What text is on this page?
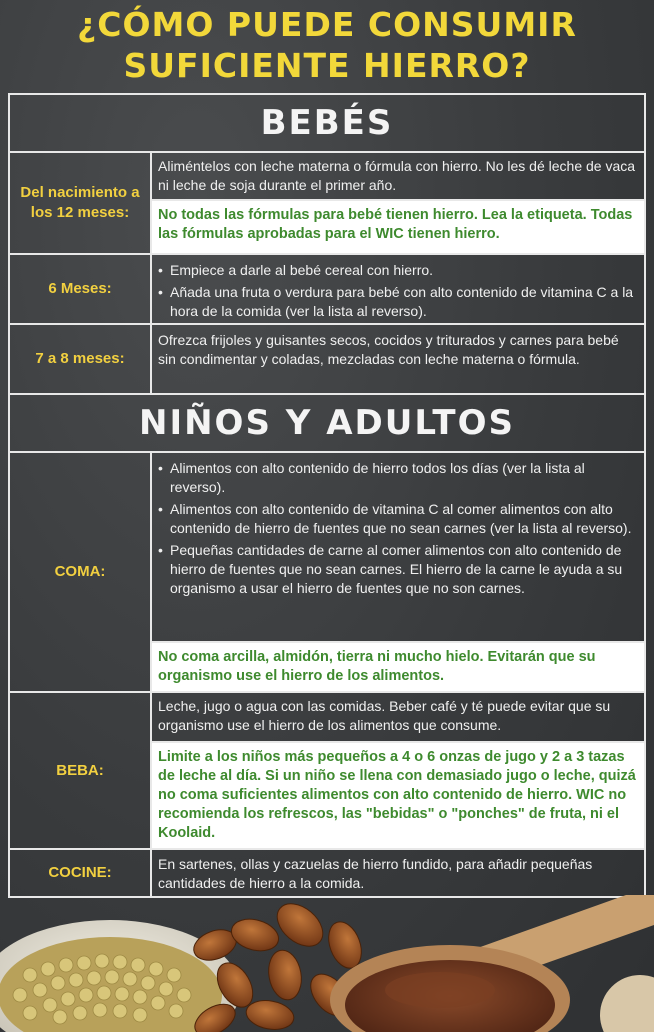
¿CÓMO PUEDE CONSUMIR
SUFICIENTE HIERRO?
BEBÉS
Del nacimiento a los 12 meses:
Aliméntelos con leche materna o fórmula con hierro. No les dé leche de vaca ni leche de soja durante el primer año.
No todas las fórmulas para bebé tienen hierro. Lea la etiqueta. Todas las fórmulas aprobadas para el WIC tienen hierro.
6 Meses:
• Empiece a darle al bebé cereal con hierro.
• Añada una fruta o verdura para bebé con alto contenido de vitamina C a la hora de la comida (ver la lista al reverso).
7 a 8 meses:
Ofrezca frijoles y guisantes secos, cocidos y triturados y carnes para bebé sin condimentar y coladas, mezcladas con leche materna o fórmula.
NIÑOS Y ADULTOS
COMA:
• Alimentos con alto contenido de hierro todos los días (ver la lista al reverso).
• Alimentos con alto contenido de vitamina C al comer alimentos con alto contenido de hierro de fuentes que no sean carnes (ver la lista al reverso).
• Pequeñas cantidades de carne al comer alimentos con alto contenido de hierro de fuentes que no sean carnes. El hierro de la carne le ayuda a su organismo a usar el hierro de fuentes que no son carnes.
No coma arcilla, almidón, tierra ni mucho hielo. Evitarán que su organismo use el hierro de los alimentos.
BEBA:
Leche, jugo o agua con las comidas. Beber café y té puede evitar que su organismo use el hierro de los alimentos que consume.
Limite a los niños más pequeños a 4 o 6 onzas de jugo y 2 a 3 tazas de leche al día. Si un niño se llena con demasiado jugo o leche, quizá no coma suficientes alimentos con alto contenido de hierro. WIC no recomienda los refrescos, las "bebidas" o "ponches" de fruta, ni el Koolaid.
COCINE:	En sartenes, ollas y cazuelas de hierro fundido, para añadir pequeñas cantidades de hierro a la comida.
